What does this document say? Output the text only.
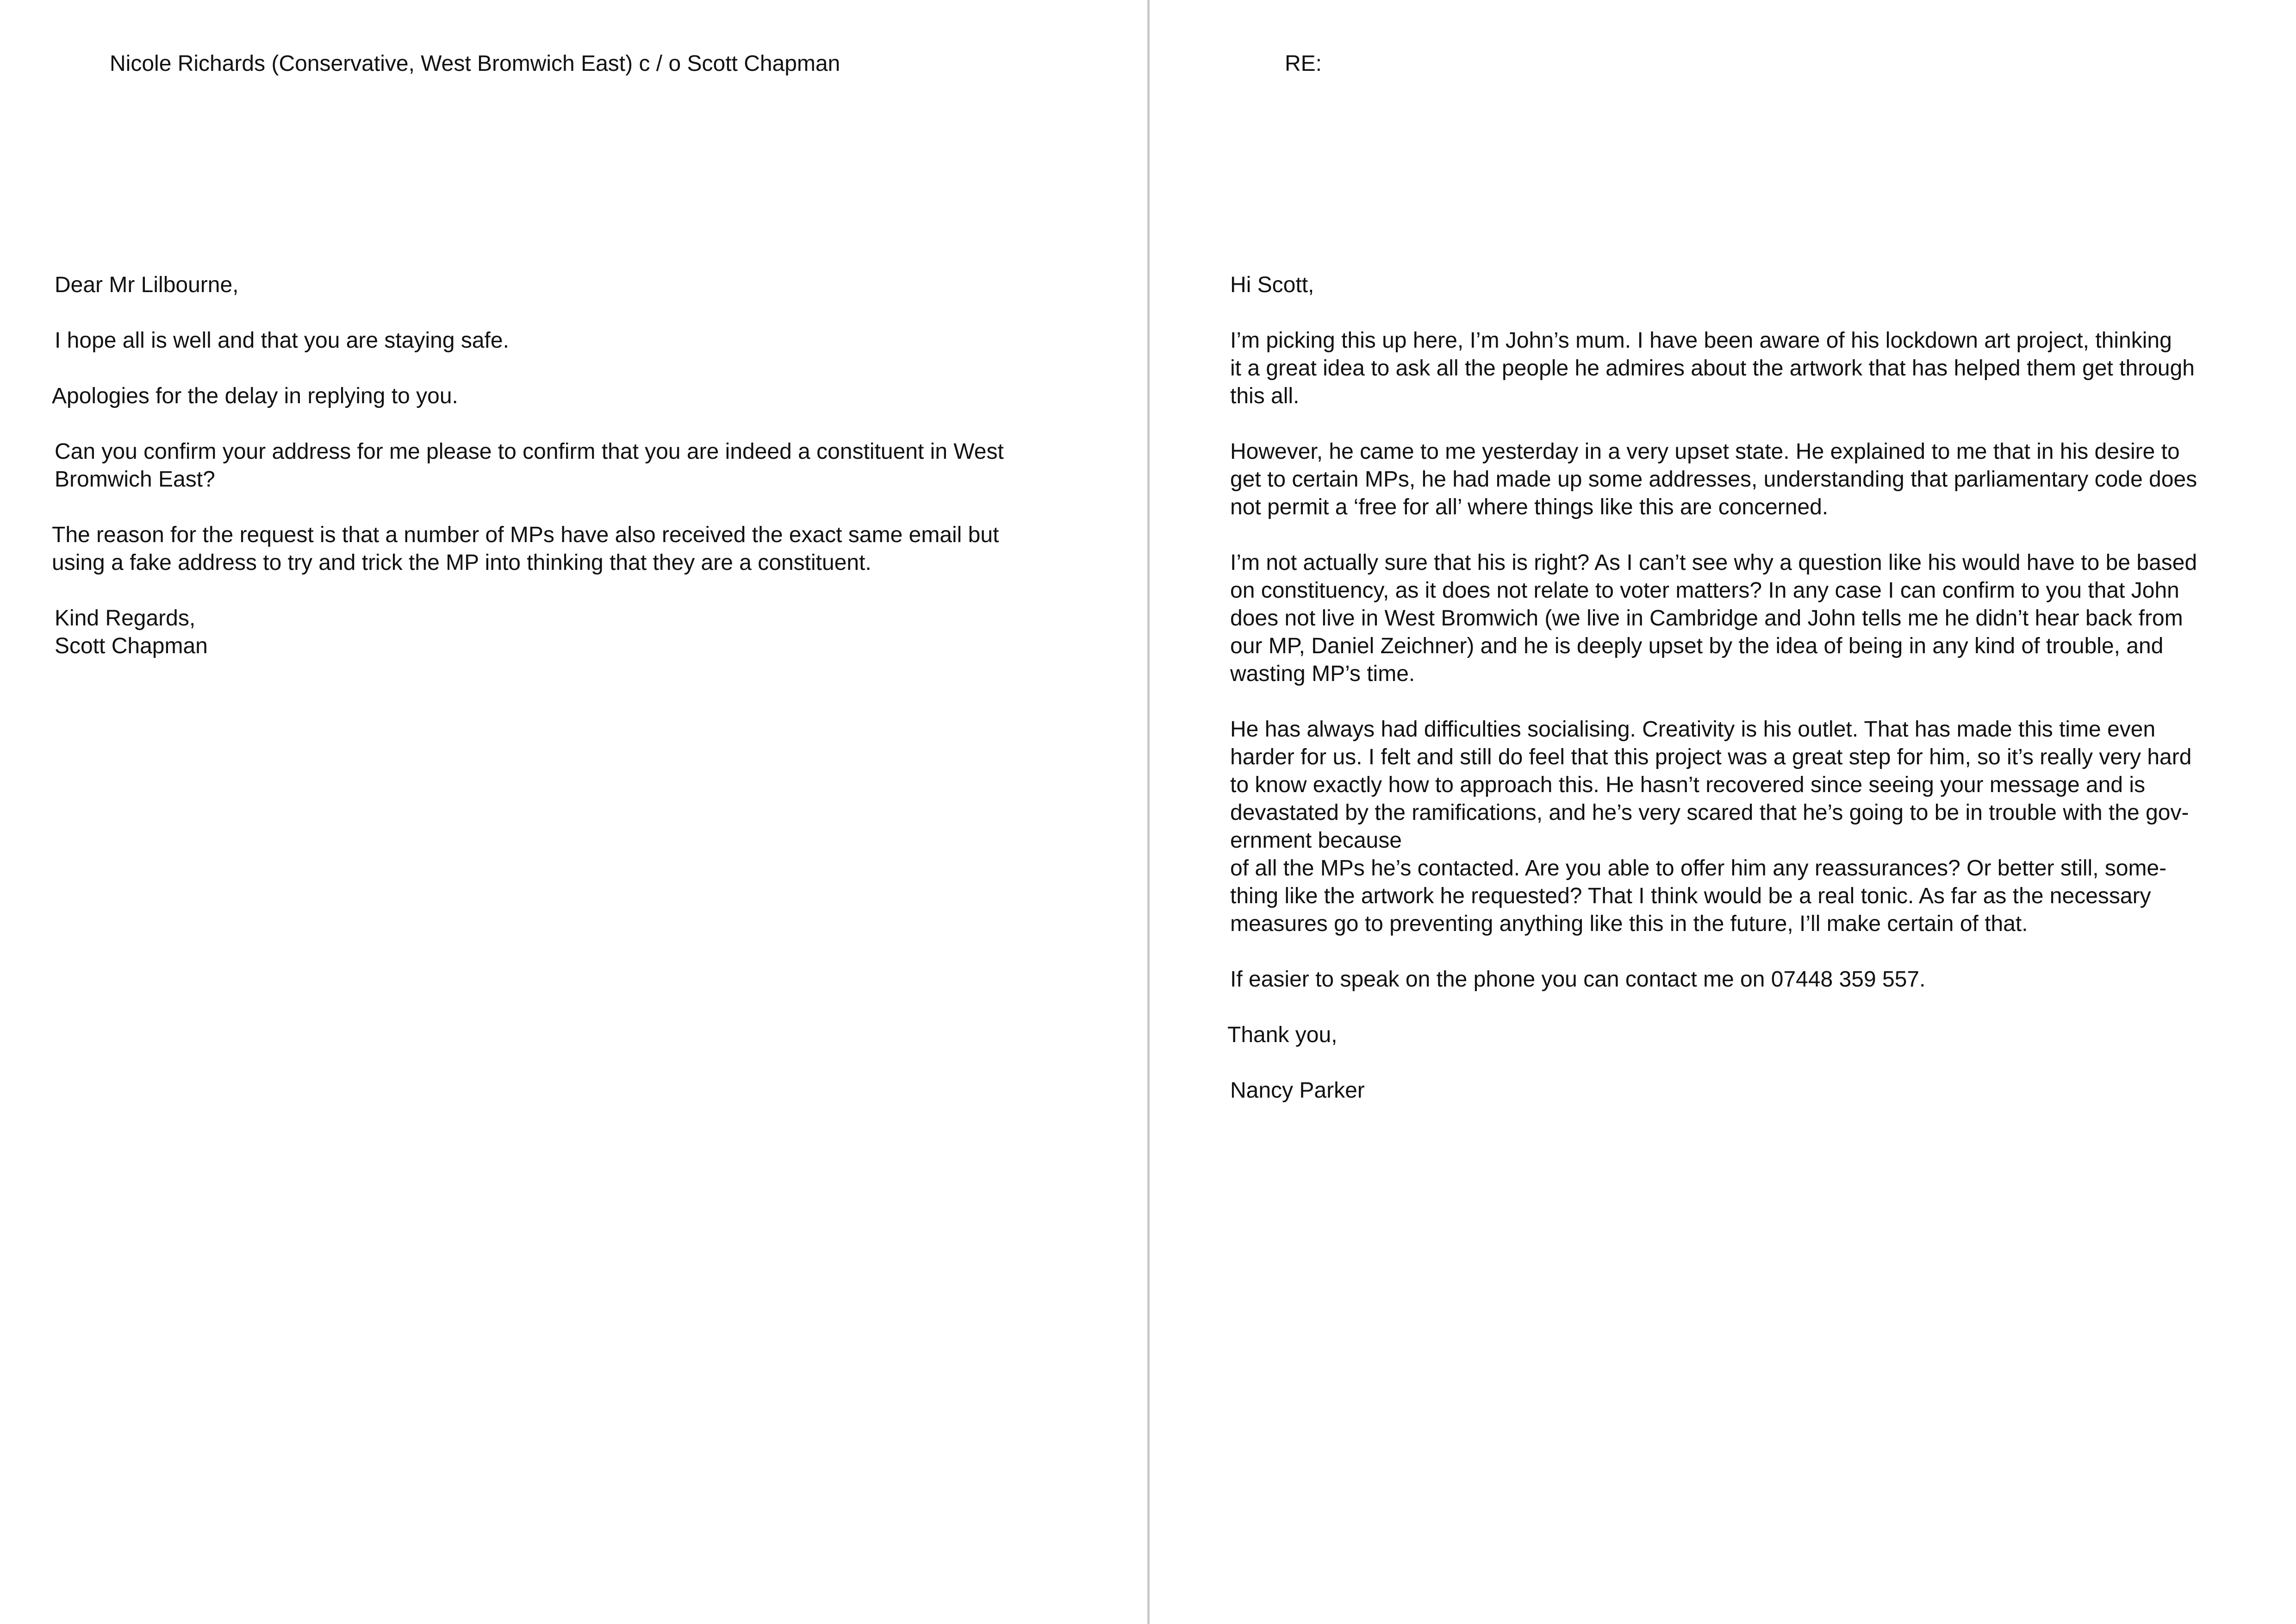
Nicole Richards (Conservative, West Bromwich East) c / o Scott Chapman

Dear Mr Lilbourne,

I hope all is well and that you are staying safe.

Apologies for the delay in replying to you.

Can you confirm your address for me please to confirm that you are indeed a constituent in West
Bromwich East?

The reason for the request is that a number of MPs have also received the exact same email but
using a fake address to try and trick the MP into thinking that they are a constituent.

Kind Regards,

Scott Chapman

RE:

Hi Scott,

I’m picking this up here, I’m John’s mum. I have been aware of his lockdown art project, thinking
it a great idea to ask all the people he admires about the artwork that has helped them get through
this all.

However, he came to me yesterday in a very upset state. He explained to me that in his desire to
get to certain MPs, he had made up some addresses, understanding that parliamentary code does
not permit a ‘free for all’ where things like this are concerned.

I’m not actually sure that his is right? As I can’t see why a question like his would have to be based
on constituency, as it does not relate to voter matters? In any case I can confirm to you that John
does not live in West Bromwich (we live in Cambridge and John tells me he didn’t hear back from
our MP, Daniel Zeichner) and he is deeply upset by the idea of being in any kind of trouble, and
wasting MP’s time.

He has always had difficulties socialising. Creativity is his outlet. That has made this time even
harder for us. I felt and still do feel that this project was a great step for him, so it’s really very hard
to know exactly how to approach this. He hasn’t recovered since seeing your message and is
devastated by the ramifications, and he’s very scared that he’s going to be in trouble with the gov-
ernment because
of all the MPs he’s contacted. Are you able to offer him any reassurances? Or better still, some-
thing like the artwork he requested? That I think would be a real tonic. As far as the necessary
measures go to preventing anything like this in the future, I’ll make certain of that.

If easier to speak on the phone you can contact me on 07448 359 557.

Thank you,

Nancy Parker
